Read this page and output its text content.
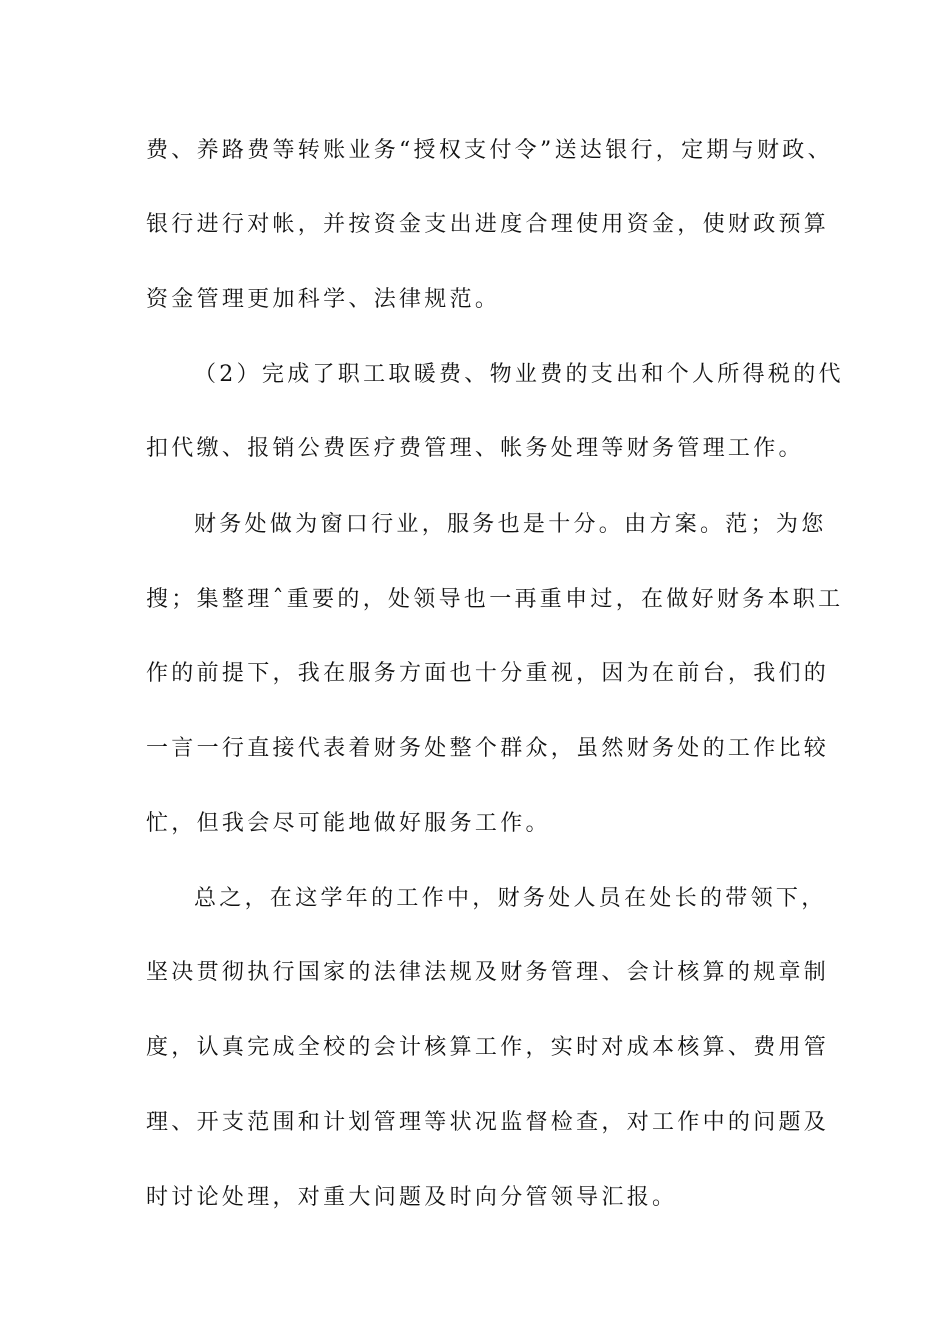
费、养路费等转账业务“授权支付令”送达银行，定期与财政、
银行进行对帐，并按资金支出进度合理使用资金，使财政预算
资金管理更加科学、法律规范。
（2）完成了职工取暖费、物业费的支出和个人所得税的代
扣代缴、报销公费医疗费管理、帐务处理等财务管理工作。
财务处做为窗口行业，服务也是十分。由方案。范；为您
搜；集整理ˆ重要的，处领导也一再重申过，在做好财务本职工
作的前提下，我在服务方面也十分重视，因为在前台，我们的
一言一行直接代表着财务处整个群众，虽然财务处的工作比较
忙，但我会尽可能地做好服务工作。
总之，在这学年的工作中，财务处人员在处长的带领下，
坚决贯彻执行国家的法律法规及财务管理、会计核算的规章制
度，认真完成全校的会计核算工作，实时对成本核算、费用管
理、开支范围和计划管理等状况监督检查，对工作中的问题及
时讨论处理，对重大问题及时向分管领导汇报。
